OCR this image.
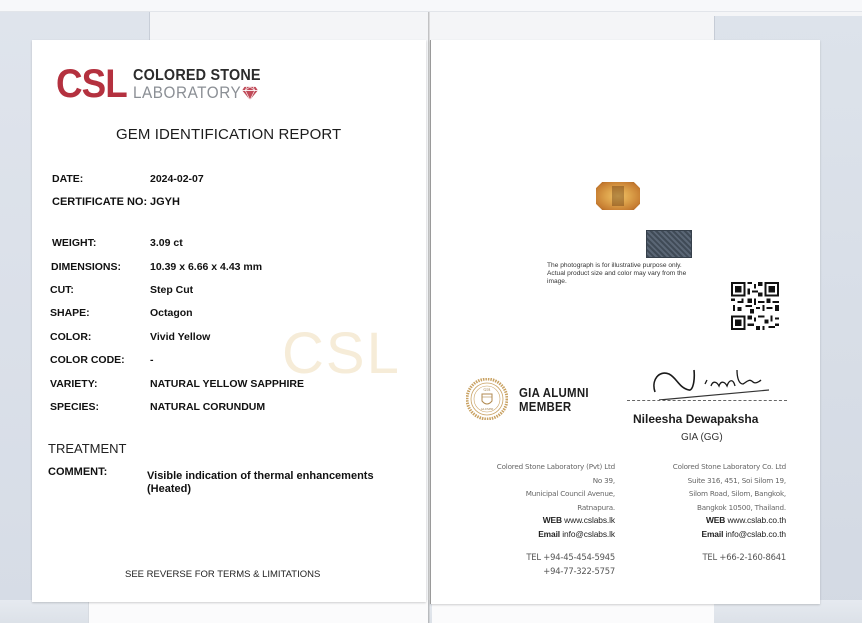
CSL
CSL COLORED STONE
LABORATORY
GEM IDENTIFICATION REPORT
DATE:	2024-02-07
CERTIFICATE NO: JGYH
WEIGHT:	3.09 ct
DIMENSIONS:	10.39 x 6.66 x 4.43 mm
CUT:	Step Cut
SHAPE:	Octagon
COLOR:	Vivid Yellow
COLOR CODE:	-
VARIETY:	NATURAL YELLOW SAPPHIRE
SPECIES:	NATURAL CORUNDUM
TREATMENT
COMMENT:	Visible indication of thermal enhancements (Heated)
SEE REVERSE FOR TERMS & LIMITATIONS
The photograph is for illustrative purpose only. Actual product size and color may vary from the image.
GIA
ALUMNI
GIA ALUMNI
MEMBER
Nileesha Dewapaksha
GIA (GG)
Colored Stone Laboratory (Pvt) Ltd
No 39,
Municipal Council Avenue,
Ratnapura.
WEB www.cslabs.lk
Email info@cslabs.lk
TEL +94-45-454-5945
+94-77-322-5757
Colored Stone Laboratory Co. Ltd
Suite 316, 451, Soi Silom 19,
Silom Road, Silom, Bangkok,
Bangkok 10500, Thailand.
WEB www.cslab.co.th
Email info@cslab.co.th
TEL +66-2-160-8641
